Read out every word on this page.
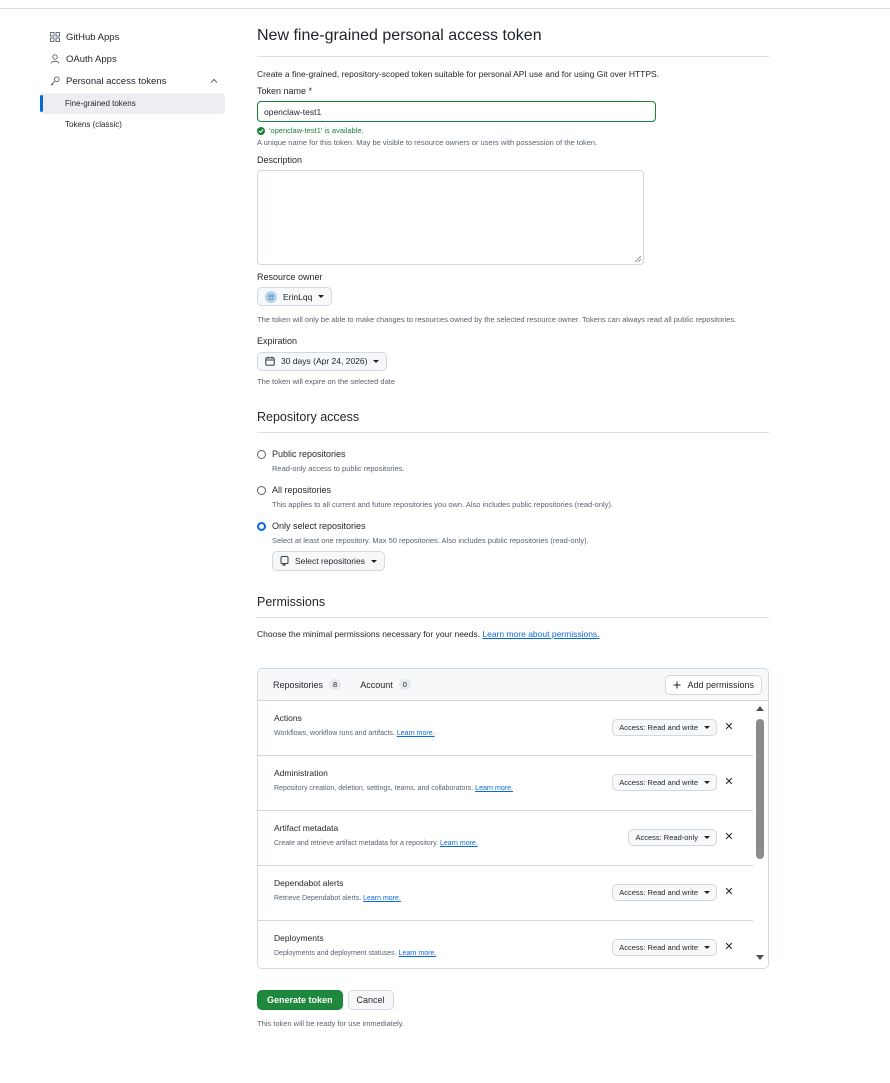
GitHub Apps
OAuth Apps
Personal access tokens
Fine-grained tokens
Tokens (classic)
New fine-grained personal access token
Create a fine-grained, repository-scoped token suitable for personal API use and for using Git over HTTPS.
Token name *
openclaw-test1
'openclaw-test1' is available.
A unique name for this token. May be visible to resource owners or users with possession of the token.
Description
Resource owner
ErinLqq
The token will only be able to make changes to resources owned by the selected resource owner. Tokens can always read all public repositories.
Expiration
30 days (Apr 24, 2026)
The token will expire on the selected date
Repository access
Public repositories
Read-only access to public repositories.
All repositories
This applies to all current and future repositories you own. Also includes public repositories (read-only).
Only select repositories
Select at least one repository. Max 50 repositories. Also includes public repositories (read-only).
Select repositories
Permissions
Choose the minimal permissions necessary for your needs. Learn more about permissions.
Repositories	8	Account	0	Add permissions
Actions
Workflows, workflow runs and artifacts. Learn more.
Access: Read and write ✕
Administration
Repository creation, deletion, settings, teams, and collaborators. Learn more.
Access: Read and write ✕
Artifact metadata
Create and retrieve artifact metadata for a repository. Learn more.
Access: Read-only ✕
Dependabot alerts
Retrieve Dependabot alerts. Learn more.
Access: Read and write ✕
Deployments
Deployments and deployment statuses. Learn more.
Access: Read and write ✕
Generate token	Cancel
This token will be ready for use immediately.
